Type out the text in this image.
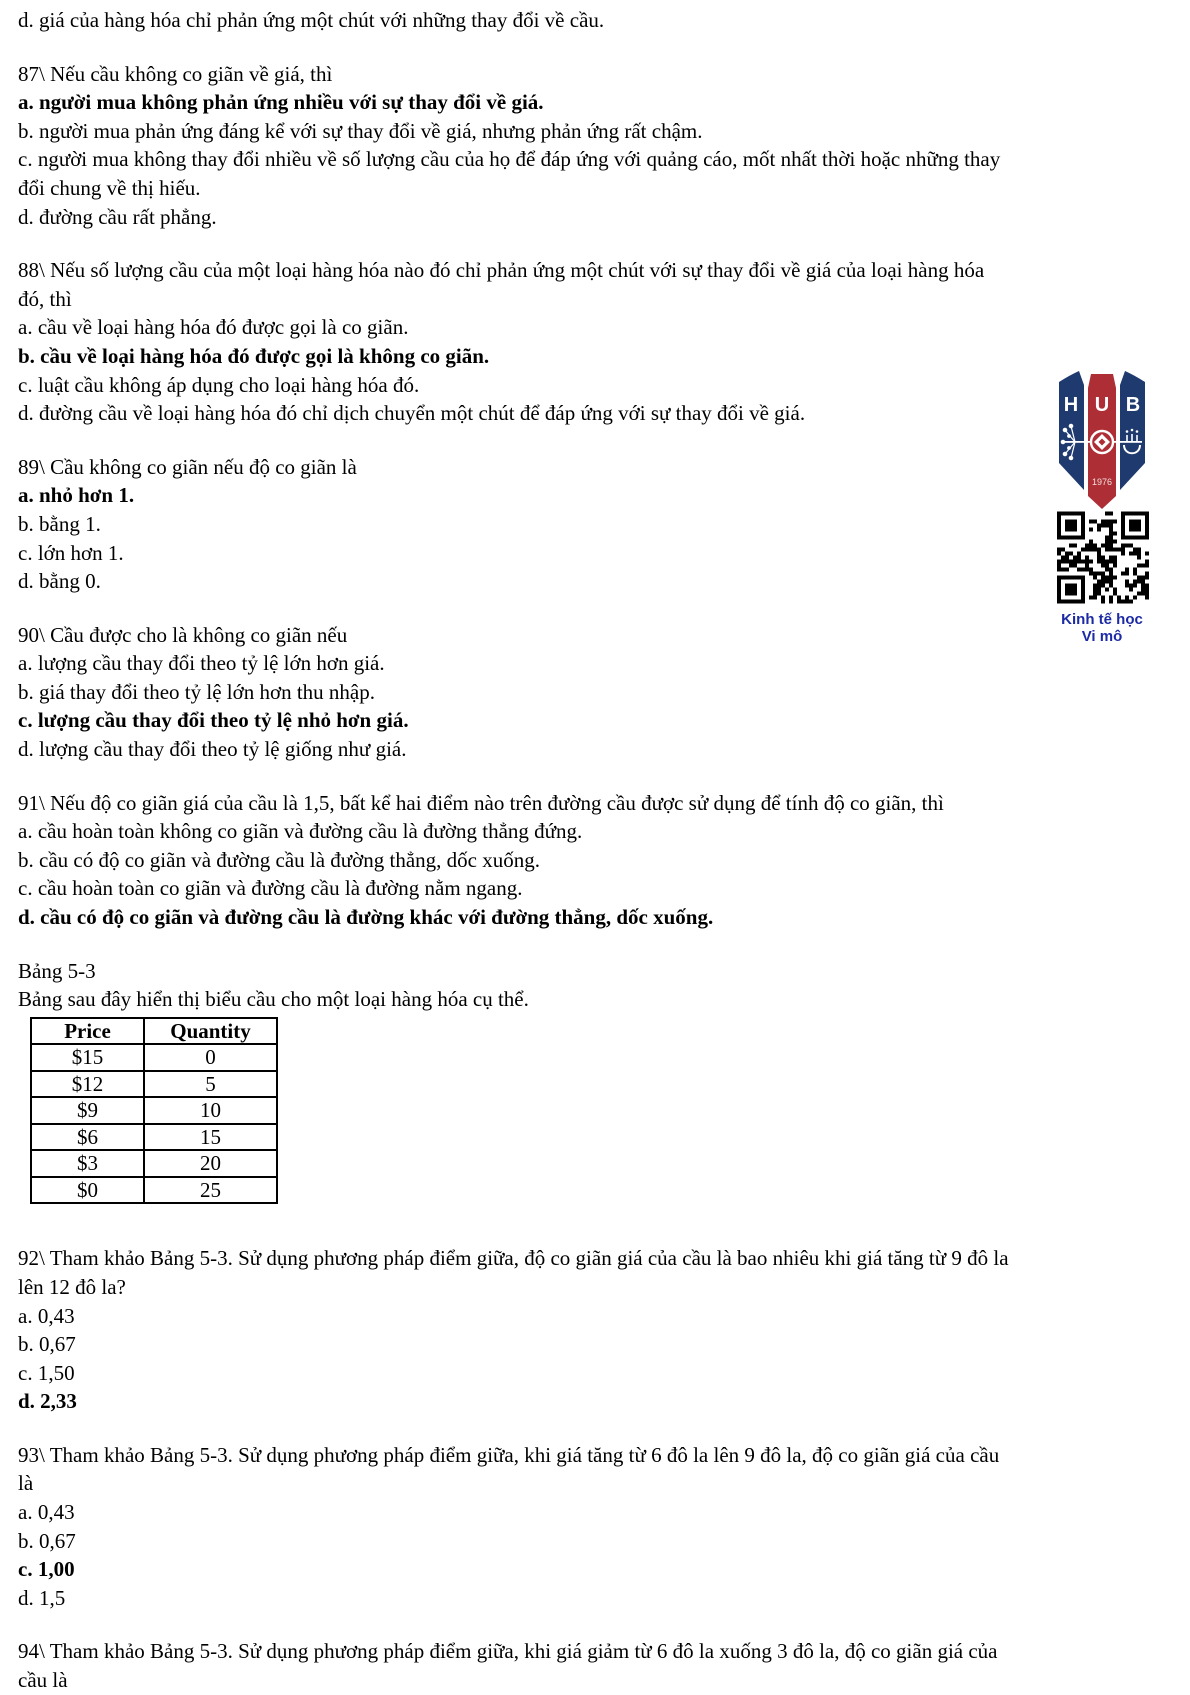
d. giá của hàng hóa chỉ phản ứng một chút với những thay đổi về cầu.
87\ Nếu cầu không co giãn về giá, thì
a. người mua không phản ứng nhiều với sự thay đổi về giá.
b. người mua phản ứng đáng kể với sự thay đổi về giá, nhưng phản ứng rất chậm.
c. người mua không thay đổi nhiều về số lượng cầu của họ để đáp ứng với quảng cáo, mốt nhất thời hoặc những thay
đổi chung về thị hiếu.
d. đường cầu rất phẳng.
88\ Nếu số lượng cầu của một loại hàng hóa nào đó chỉ phản ứng một chút với sự thay đổi về giá của loại hàng hóa
đó, thì
a. cầu về loại hàng hóa đó được gọi là co giãn.
b. cầu về loại hàng hóa đó được gọi là không co giãn.
c. luật cầu không áp dụng cho loại hàng hóa đó.
d. đường cầu về loại hàng hóa đó chỉ dịch chuyển một chút để đáp ứng với sự thay đổi về giá.
89\ Cầu không co giãn nếu độ co giãn là
a. nhỏ hơn 1.
b. bằng 1.
c. lớn hơn 1.
d. bằng 0.
90\ Cầu được cho là không co giãn nếu
a. lượng cầu thay đổi theo tỷ lệ lớn hơn giá.
b. giá thay đổi theo tỷ lệ lớn hơn thu nhập.
c. lượng cầu thay đổi theo tỷ lệ nhỏ hơn giá.
d. lượng cầu thay đổi theo tỷ lệ giống như giá.
91\ Nếu độ co giãn giá của cầu là 1,5, bất kể hai điểm nào trên đường cầu được sử dụng để tính độ co giãn, thì
a. cầu hoàn toàn không co giãn và đường cầu là đường thẳng đứng.
b. cầu có độ co giãn và đường cầu là đường thẳng, dốc xuống.
c. cầu hoàn toàn co giãn và đường cầu là đường nằm ngang.
d. cầu có độ co giãn và đường cầu là đường khác với đường thẳng, dốc xuống.
Bảng 5-3
Bảng sau đây hiển thị biểu cầu cho một loại hàng hóa cụ thể.
Price	Quantity
$15	0
$12	5
$9	10
$6	15
$3	20
$0	25
92\ Tham khảo Bảng 5-3. Sử dụng phương pháp điểm giữa, độ co giãn giá của cầu là bao nhiêu khi giá tăng từ 9 đô la
lên 12 đô la?
a. 0,43
b. 0,67
c. 1,50
d. 2,33
93\ Tham khảo Bảng 5-3. Sử dụng phương pháp điểm giữa, khi giá tăng từ 6 đô la lên 9 đô la, độ co giãn giá của cầu
là
a. 0,43
b. 0,67
c. 1,00
d. 1,5
94\ Tham khảo Bảng 5-3. Sử dụng phương pháp điểm giữa, khi giá giảm từ 6 đô la xuống 3 đô la, độ co giãn giá của
cầu là
H U B
1976
Kinh tế học
Vi mô
